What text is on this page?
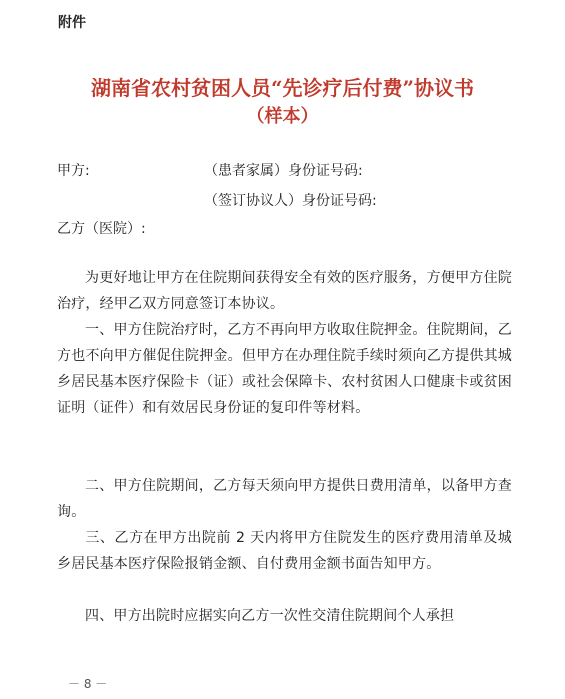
附件
湖南省农村贫困人员“先诊疗后付费”协议书
（样本）
甲方:	（患者家属）身份证号码:
（签订协议人）身份证号码:
乙方（医院）:
为更好地让甲方在住院期间获得安全有效的医疗服务，方便甲方住院治疗，经甲乙双方同意签订本协议。
一、甲方住院治疗时，乙方不再向甲方收取住院押金。住院期间，乙方也不向甲方催促住院押金。但甲方在办理住院手续时须向乙方提供其城乡居民基本医疗保险卡（证）或社会保障卡、农村贫困人口健康卡或贫困证明（证件）和有效居民身份证的复印件等材料。
二、甲方住院期间，乙方每天须向甲方提供日费用清单，以备甲方查询。
三、乙方在甲方出院前 2 天内将甲方住院发生的医疗费用清单及城乡居民基本医疗保险报销金额、自付费用金额书面告知甲方。
四、甲方出院时应据实向乙方一次性交清住院期间个人承担
－ 8 －
